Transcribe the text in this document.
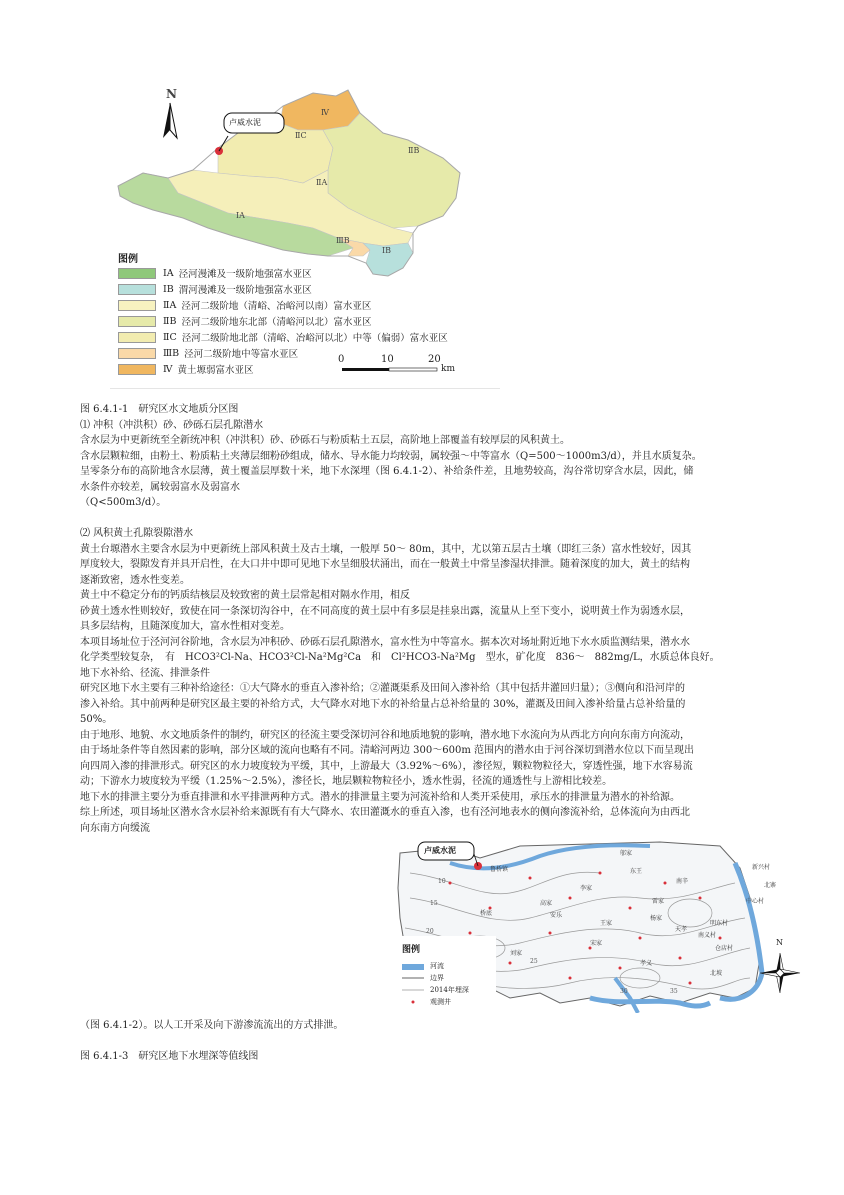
N
卢威水泥
Ⅳ
ⅡC
ⅡB
ⅡA
ⅠA
ⅢB
ⅠB
图例
ⅠA 泾河漫滩及一级阶地强富水亚区
ⅠB 渭河漫滩及一级阶地强富水亚区
ⅡA 泾河二级阶地（清峪、冶峪河以南）富水亚区
ⅡB 泾河二级阶地东北部（清峪河以北）富水亚区
ⅡC 泾河二级阶地北部（清峪、冶峪河以北）中等（偏弱）富水亚区
ⅢB 泾河二级阶地中等富水亚区
Ⅳ 黄土塬弱富水亚区
0	10	20
km
图 6.4.1-1　研究区水文地质分区图
⑴ 冲积（冲洪积）砂、砂砾石层孔隙潜水
含水层为中更新统至全新统冲积（冲洪积）砂、砂砾石与粉质粘土五层，高阶地上部覆盖有较厚层的风积黄土。
含水层颗粒细，由粉土、粉质粘土夹薄层细粉砂组成，储水、导水能力均较弱，属较强～中等富水（Q=500～1000m3/d），并且水质复杂。
呈零条分布的高阶地含水层薄，黄土覆盖层厚数十米，地下水深埋（图 6.4.1-2）、补给条件差，且地势较高，沟谷常切穿含水层，因此，储
水条件亦较差，属较弱富水及弱富水
（Q<500m3/d）。
⑵ 风积黄土孔隙裂隙潜水
黄土台塬潜水主要含水层为中更新统上部风积黄土及古土壤，一般厚 50～ 80m，其中，尤以第五层古土壤（即红三条）富水性较好，因其
厚度较大，裂隙发育并具开启性，在大口井中即可见地下水呈细股状涌出，而在一般黄土中常呈渗湿状排泄。随着深度的加大，黄土的结构
逐渐致密，透水性变差。
黄土中不稳定分布的钙质结核层及较致密的黄土层常起相对隔水作用，相反
砂黄土透水性则较好，致使在同一条深切沟谷中，在不同高度的黄土层中有多层是挂泉出露，流量从上至下变小，说明黄土作为弱透水层，
具多层结构，且随深度加大，富水性相对变差。
本项目场址位于泾河河谷阶地，含水层为冲积砂、砂砾石层孔隙潜水，富水性为中等富水。据本次对场址附近地下水水质监测结果，潜水水
化学类型较复杂，　有　HCO3²Cl-Na、HCO3²Cl-Na²Mg²Ca　和　Cl²HCO3-Na²Mg　型水，矿化度　836～　882mg/L，水质总体良好。
地下水补给、径流、排泄条件
研究区地下水主要有三种补给途径：①大气降水的垂直入渗补给；②灌溉渠系及田间入渗补给（其中包括井灌回归量）；③侧向和沿河岸的
渗入补给。其中前两种是研究区最主要的补给方式，大气降水对地下水的补给量占总补给量的 30%，灌溉及田间入渗补给量占总补给量的
50%。
由于地形、地貌、水文地质条件的制约，研究区的径流主要受深切河谷和地质地貌的影响，潜水地下水流向为从西北方向向东南方向流动，
由于场址条件等自然因素的影响，部分区域的流向也略有不同。清峪河两边 300～600m 范围内的潜水由于河谷深切到潜水位以下而呈现出
向四周入渗的排泄形式。研究区的水力坡度较为平缓，其中，上游最大（3.92%～6%），渗径短，颗粒物粒径大，穿透性强，地下水容易流
动；下游水力坡度较为平缓（1.25%～2.5%），渗径长，地层颗粒物粒径小，透水性弱，径流的通透性与上游相比较差。
地下水的排泄主要分为垂直排泄和水平排泄两种方式。潜水的排泄量主要为河流补给和人类开采使用，承压水的排泄量为潜水的补给源。
综上所述，项目场址区潜水含水层补给来源既有有大气降水、农田灌溉水的垂直入渗，也有泾河地表水的侧向渗流补给，总体流向为由西北
向东南方向缓流
卢威水泥
图例
河流
边界
2014年埋深
观测井
N
新兴村
北寨
中心村
南辛
明东村
南义村
仓店村
邬家
东王
雷家
桥底
高家
李家
安乐
王家
杨家
天孝
鲁桥镇
刘家
宋家
孝义
北坡
10
15
20
25
30	35
（图 6.4.1-2）。以人工开采及向下游渗流流出的方式排泄。
图 6.4.1-3　研究区地下水埋深等值线图
